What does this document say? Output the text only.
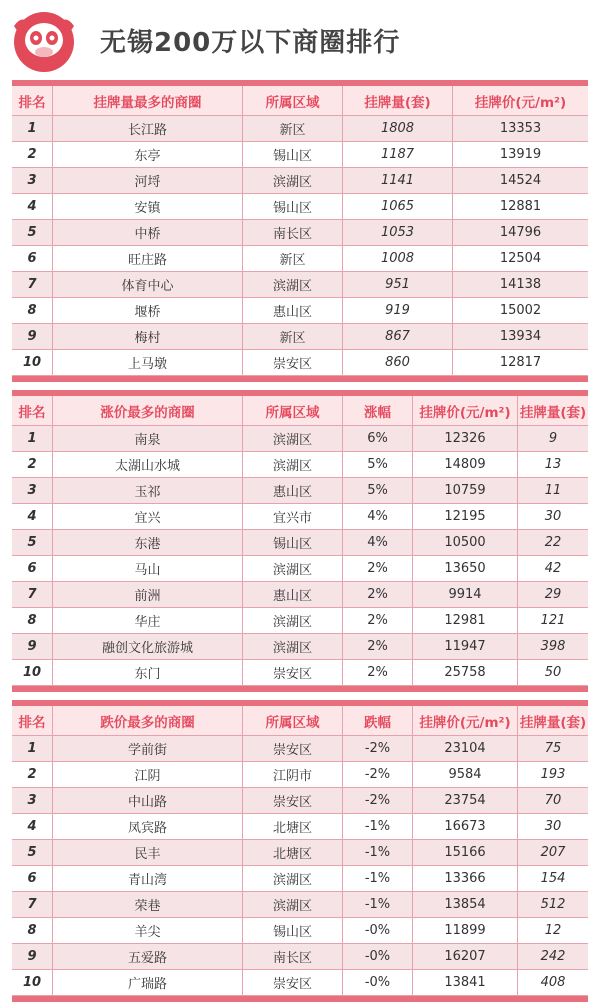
无锡200万以下商圈排行
排名	挂牌量最多的商圈	所属区域	挂牌量(套)	挂牌价(元/m²)
1	长江路	新区	1808	13353
2	东亭	锡山区	1187	13919
3	河埒	滨湖区	1141	14524
4	安镇	锡山区	1065	12881
5	中桥	南长区	1053	14796
6	旺庄路	新区	1008	12504
7	体育中心	滨湖区	951	14138
8	堰桥	惠山区	919	15002
9	梅村	新区	867	13934
10	上马墩	崇安区	860	12817
排名	涨价最多的商圈	所属区域	涨幅	挂牌价(元/m²) 挂牌量(套)
1	南泉	滨湖区	6%	12326	9
2	太湖山水城	滨湖区	5%	14809	13
3	玉祁	惠山区	5%	10759	11
4	宜兴	宜兴市	4%	12195	30
5	东港	锡山区	4%	10500	22
6	马山	滨湖区	2%	13650	42
7	前洲	惠山区	2%	9914	29
8	华庄	滨湖区	2%	12981	121
9	融创文化旅游城	滨湖区	2%	11947	398
10	东门	崇安区	2%	25758	50
排名	跌价最多的商圈	所属区域	跌幅	挂牌价(元/m²) 挂牌量(套)
1	学前街	崇安区	-2%	23104	75
2	江阴	江阴市	-2%	9584	193
3	中山路	崇安区	-2%	23754	70
4	凤宾路	北塘区	-1%	16673	30
5	民丰	北塘区	-1%	15166	207
6	青山湾	滨湖区	-1%	13366	154
7	荣巷	滨湖区	-1%	13854	512
8	羊尖	锡山区	-0%	11899	12
9	五爱路	南长区	-0%	16207	242
10	广瑞路	崇安区	-0%	13841	408
